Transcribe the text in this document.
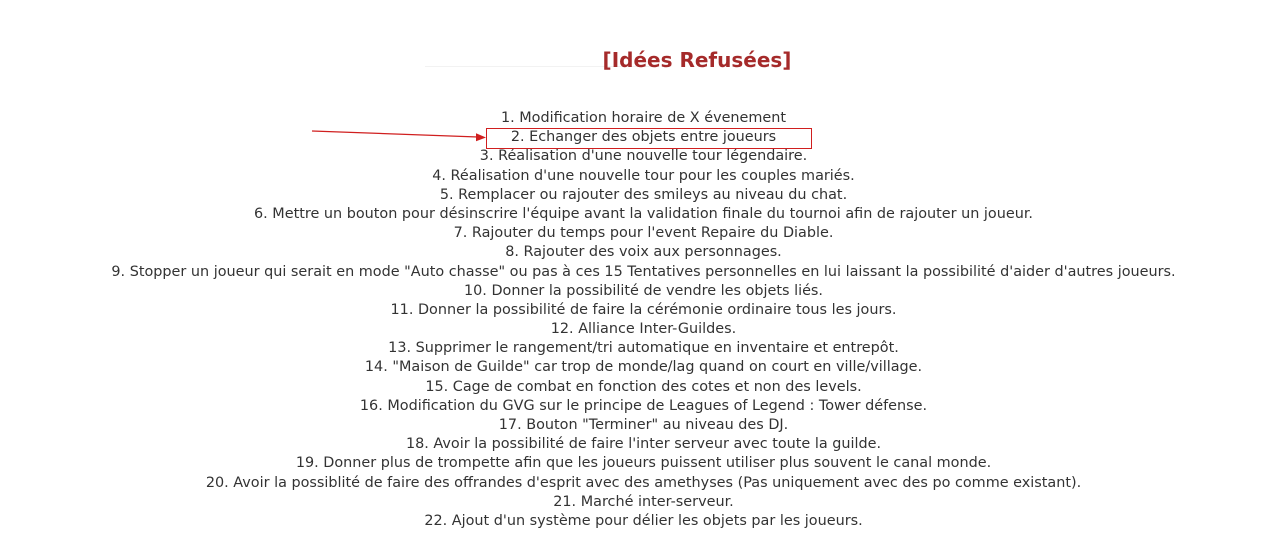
[Idées Refusées]
1. Modification horaire de X évenement
2. Echanger des objets entre joueurs
3. Réalisation d'une nouvelle tour légendaire.
4. Réalisation d'une nouvelle tour pour les couples mariés.
5. Remplacer ou rajouter des smileys au niveau du chat.
6. Mettre un bouton pour désinscrire l'équipe avant la validation finale du tournoi afin de rajouter un joueur.
7. Rajouter du temps pour l'event Repaire du Diable.
8. Rajouter des voix aux personnages.
9. Stopper un joueur qui serait en mode "Auto chasse" ou pas à ces 15 Tentatives personnelles en lui laissant la possibilité d'aider d'autres joueurs.
10. Donner la possibilité de vendre les objets liés.
11. Donner la possibilité de faire la cérémonie ordinaire tous les jours.
12. Alliance Inter-Guildes.
13. Supprimer le rangement/tri automatique en inventaire et entrepôt.
14. "Maison de Guilde" car trop de monde/lag quand on court en ville/village.
15. Cage de combat en fonction des cotes et non des levels.
16. Modification du GVG sur le principe de Leagues of Legend : Tower défense.
17. Bouton "Terminer" au niveau des DJ.
18. Avoir la possibilité de faire l'inter serveur avec toute la guilde.
19. Donner plus de trompette afin que les joueurs puissent utiliser plus souvent le canal monde.
20. Avoir la possiblité de faire des offrandes d'esprit avec des amethyses (Pas uniquement avec des po comme existant).
21. Marché inter-serveur.
22. Ajout d'un système pour délier les objets par les joueurs.
